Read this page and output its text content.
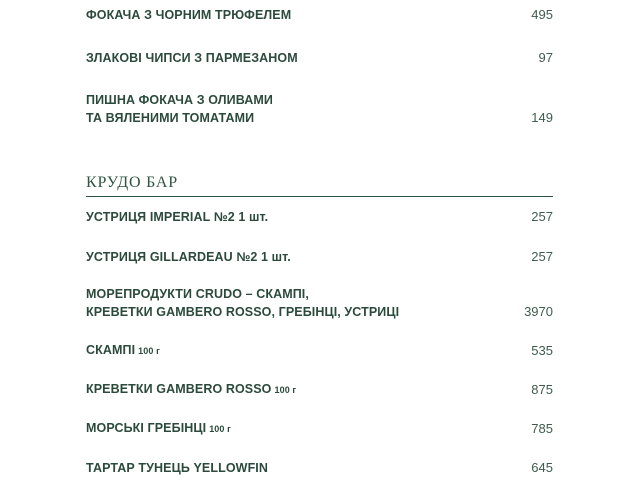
ФОКАЧА З ЧОРНИМ ТРЮФЕЛЕМ	495
ЗЛАКОВІ ЧИПСИ З ПАРМЕЗАНОМ	97
ПИШНА ФОКАЧА З ОЛИВАМИ
ТА ВЯЛЕНИМИ ТОМАТАМИ	149
КРУДО БАР
УСТРИЦЯ IMPERIAL №2 1 шт.	257
УСТРИЦЯ GILLARDEAU №2 1 шт.	257
МОРЕПРОДУКТИ CRUDO – СКАМПІ,
КРЕВЕТКИ GAMBERO ROSSO, ГРЕБІНЦІ, УСТРИЦІ	3970
СКАМПІ 100 г	535
КРЕВЕТКИ GAMBERO ROSSO 100 г	875
МОРСЬКІ ГРЕБІНЦІ 100 г	785
ТАРТАР ТУНЕЦЬ YELLOWFIN	645
